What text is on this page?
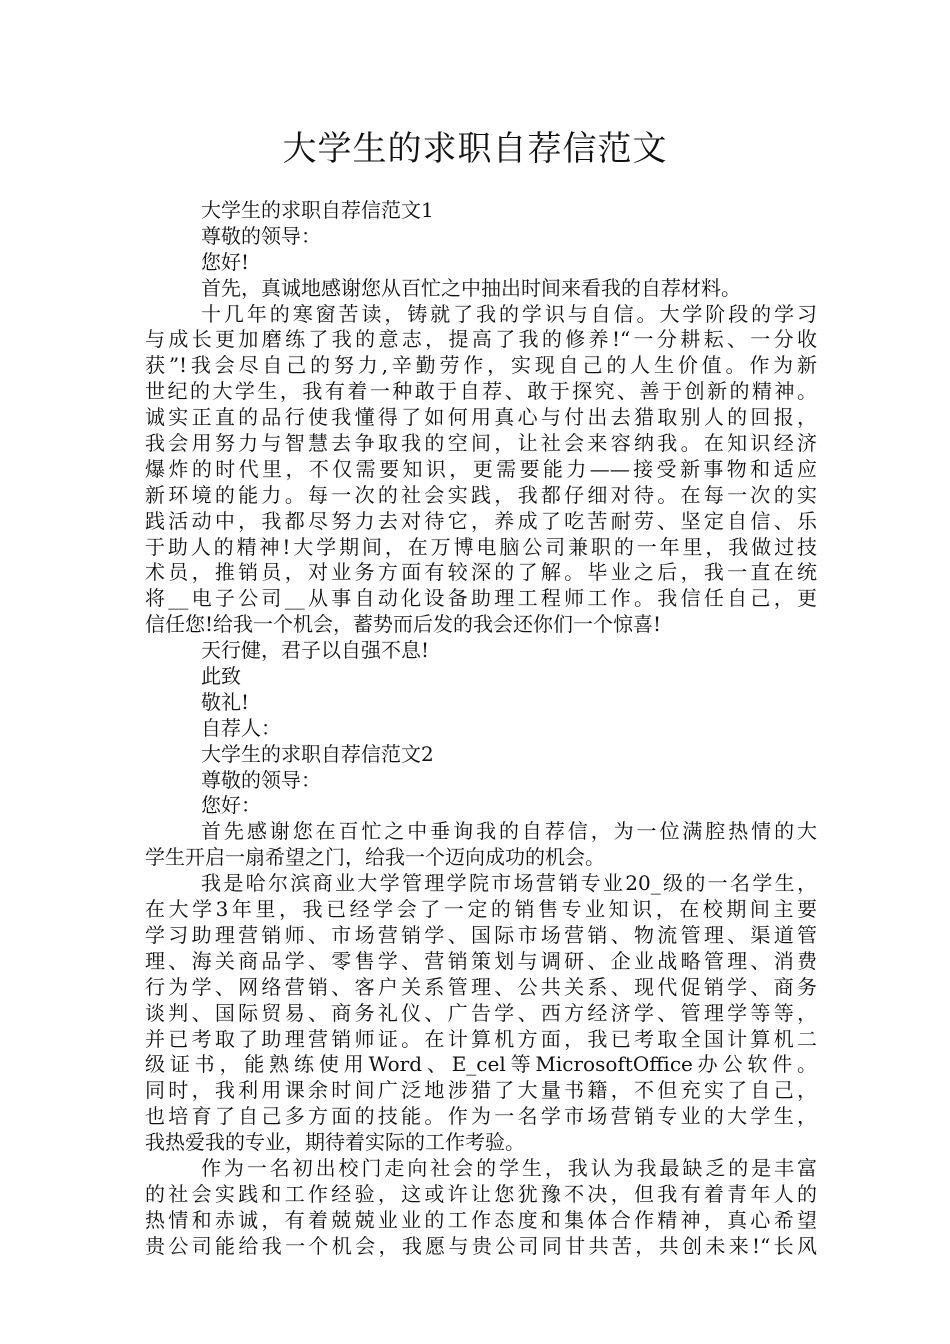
大学生的求职自荐信范文
大学生的求职自荐信范文1
尊敬的领导：
您好!
首先，真诚地感谢您从百忙之中抽出时间来看我的自荐材料。
十几年的寒窗苦读，铸就了我的学识与自信。大学阶段的学习
与成长更加磨练了我的意志，提高了我的修养!“一分耕耘、一分收
获”!我会尽自己的努力,辛勤劳作，实现自己的人生价值。作为新
世纪的大学生，我有着一种敢于自荐、敢于探究、善于创新的精神。
诚实正直的品行使我懂得了如何用真心与付出去猎取别人的回报，
我会用努力与智慧去争取我的空间，让社会来容纳我。在知识经济
爆炸的时代里，不仅需要知识，更需要能力——接受新事物和适应
新环境的能力。每一次的社会实践，我都仔细对待。在每一次的实
践活动中，我都尽努力去对待它，养成了吃苦耐劳、坚定自信、乐
于助人的精神!大学期间，在万博电脑公司兼职的一年里，我做过技
术员，推销员，对业务方面有较深的了解。毕业之后，我一直在统
将__电子公司__从事自动化设备助理工程师工作。我信任自己，更
信任您!给我一个机会，蓄势而后发的我会还你们一个惊喜!
天行健，君子以自强不息!
此致
敬礼!
自荐人：
大学生的求职自荐信范文2
尊敬的领导：
您好：
首先感谢您在百忙之中垂询我的自荐信，为一位满腔热情的大
学生开启一扇希望之门，给我一个迈向成功的机会。
我是哈尔滨商业大学管理学院市场营销专业20_级的一名学生，
在大学3年里，我已经学会了一定的销售专业知识，在校期间主要
学习助理营销师、市场营销学、国际市场营销、物流管理、渠道管
理、海关商品学、零售学、营销策划与调研、企业战略管理、消费
行为学、网络营销、客户关系管理、公共关系、现代促销学、商务
谈判、国际贸易、商务礼仪、广告学、西方经济学、管理学等等，
并已考取了助理营销师证。在计算机方面，我已考取全国计算机二
级证书，能熟练使用Word、E_cel等MicrosoftOffice办公软件。
同时，我利用课余时间广泛地涉猎了大量书籍，不但充实了自己，
也培育了自己多方面的技能。作为一名学市场营销专业的大学生，
我热爱我的专业，期待着实际的工作考验。
作为一名初出校门走向社会的学生，我认为我最缺乏的是丰富
的社会实践和工作经验，这或许让您犹豫不决，但我有着青年人的
热情和赤诚，有着兢兢业业的工作态度和集体合作精神，真心希望
贵公司能给我一个机会，我愿与贵公司同甘共苦，共创未来!“长风
